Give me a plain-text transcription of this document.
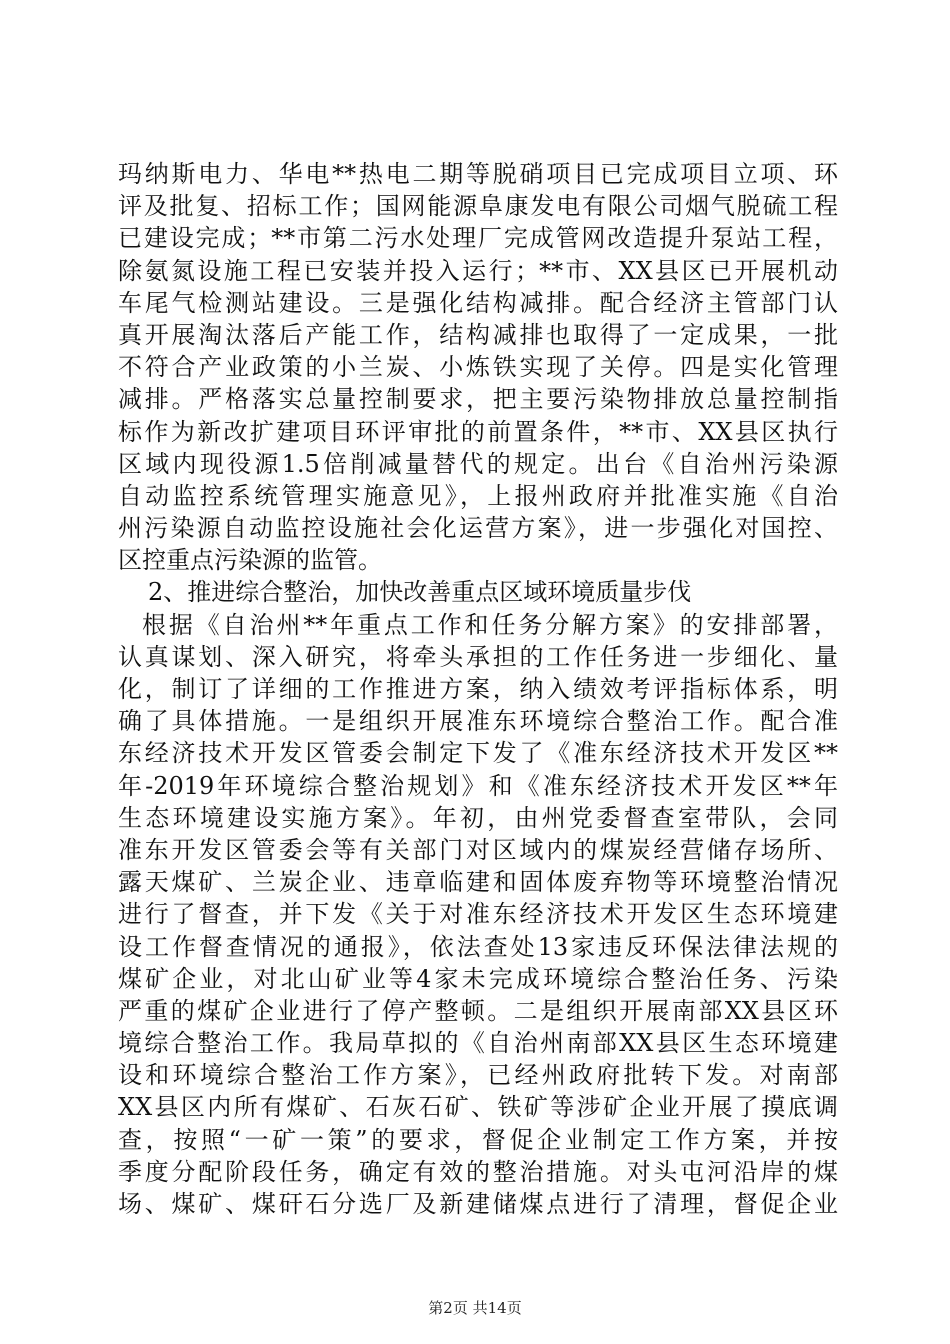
玛纳斯电力、华电**热电二期等脱硝项目已完成项目立项、环
评及批复、招标工作；国网能源阜康发电有限公司烟气脱硫工程
已建设完成；**市第二污水处理厂完成管网改造提升泵站工程，
除氨氮设施工程已安装并投入运行；**市、XX县区已开展机动
车尾气检测站建设。三是强化结构减排。配合经济主管部门认
真开展淘汰落后产能工作，结构减排也取得了一定成果，一批
不符合产业政策的小兰炭、小炼铁实现了关停。四是实化管理
减排。严格落实总量控制要求，把主要污染物排放总量控制指
标作为新改扩建项目环评审批的前置条件，**市、XX县区执行
区域内现役源1.5倍削减量替代的规定。出台《自治州污染源
自动监控系统管理实施意见》，上报州政府并批准实施《自治
州污染源自动监控设施社会化运营方案》，进一步强化对国控、
区控重点污染源的监管。
2、推进综合整治，加快改善重点区域环境质量步伐
根据《自治州**年重点工作和任务分解方案》的安排部署，
认真谋划、深入研究，将牵头承担的工作任务进一步细化、量
化，制订了详细的工作推进方案，纳入绩效考评指标体系，明
确了具体措施。一是组织开展准东环境综合整治工作。配合准
东经济技术开发区管委会制定下发了《准东经济技术开发区**
年-2019年环境综合整治规划》和《准东经济技术开发区**年
生态环境建设实施方案》。年初，由州党委督查室带队，会同
准东开发区管委会等有关部门对区域内的煤炭经营储存场所、
露天煤矿、兰炭企业、违章临建和固体废弃物等环境整治情况
进行了督查，并下发《关于对准东经济技术开发区生态环境建
设工作督查情况的通报》，依法查处13家违反环保法律法规的
煤矿企业，对北山矿业等4家未完成环境综合整治任务、污染
严重的煤矿企业进行了停产整顿。二是组织开展南部XX县区环
境综合整治工作。我局草拟的《自治州南部XX县区生态环境建
设和环境综合整治工作方案》，已经州政府批转下发。对南部
XX县区内所有煤矿、石灰石矿、铁矿等涉矿企业开展了摸底调
查，按照“一矿一策”的要求，督促企业制定工作方案，并按
季度分配阶段任务，确定有效的整治措施。对头屯河沿岸的煤
场、煤矿、煤矸石分选厂及新建储煤点进行了清理，督促企业
第2页 共14页
